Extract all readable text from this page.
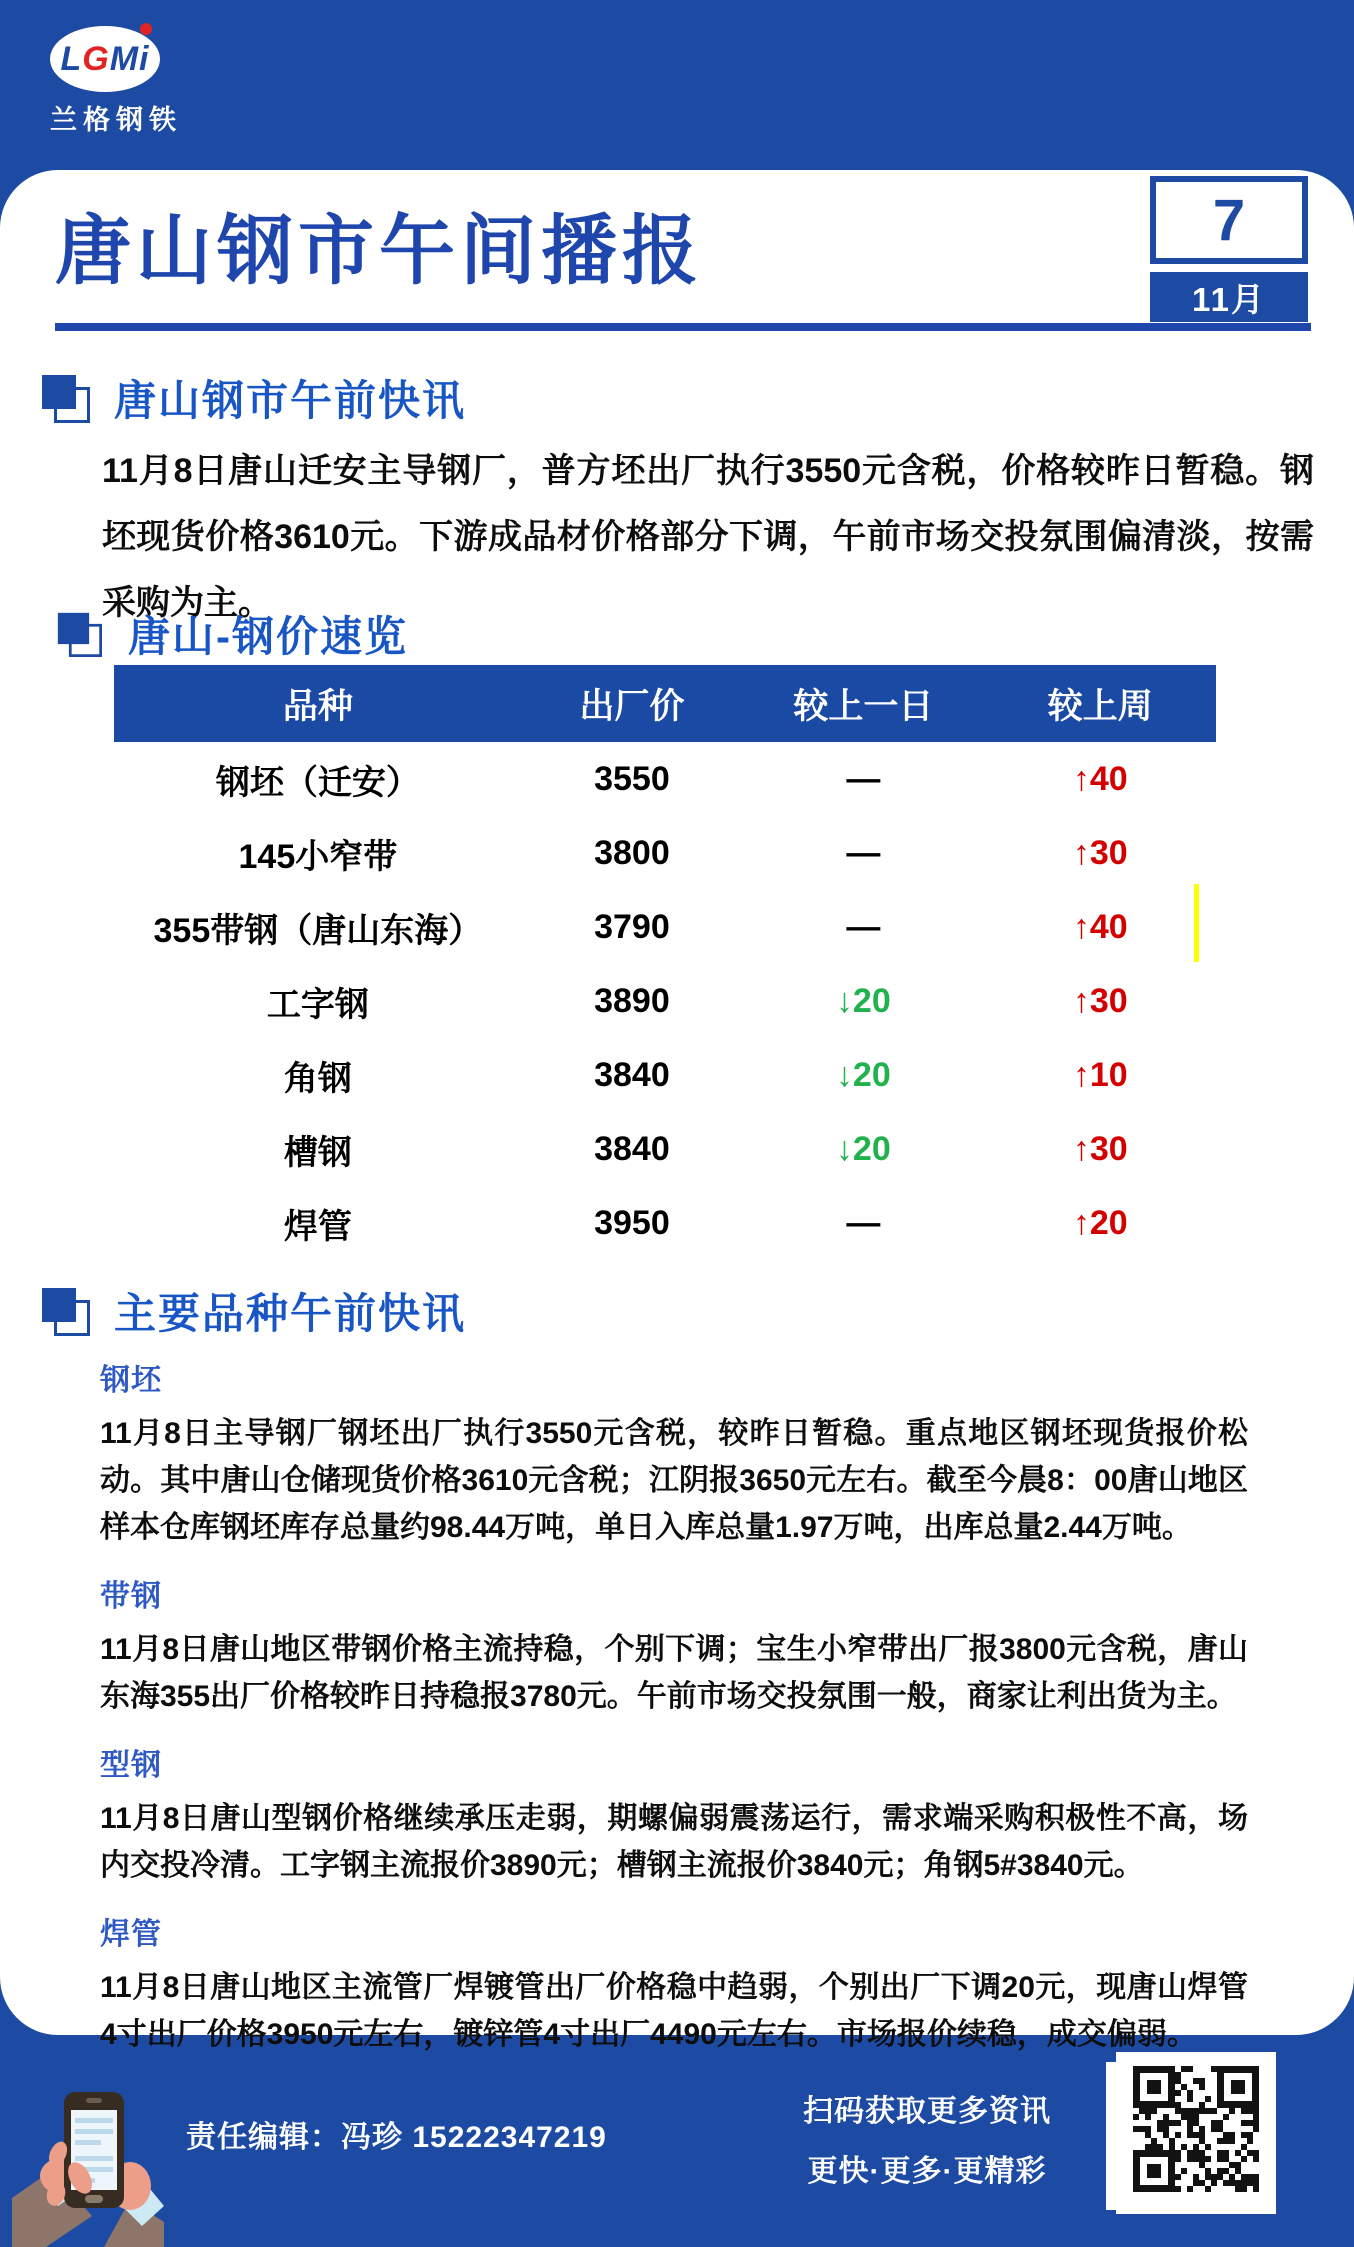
L G Mi
兰格钢铁
唐山钢市午间播报	7
11月
唐山钢市午前快讯
11月8日唐山迁安主导钢厂，普方坯出厂执行3550元含税，价格较昨日暂稳。钢坯现货价格3610元。下游成品材价格部分下调，午前市场交投氛围偏清淡，按需采购为主。
唐山-钢价速览
品种	出厂价	较上一日	较上周
钢坯（迁安）	3550	—	↑40
145小窄带	3800	—	↑30
355带钢（唐山东海）	3790	—	↑40
工字钢	3890	↓20	↑30
角钢	3840	↓20	↑10
槽钢	3840	↓20	↑30
焊管	3950	—	↑20
主要品种午前快讯
钢坯

11月8日主导钢厂钢坯出厂执行3550元含税，较昨日暂稳。重点地区钢坯现货报价松动。其中唐山仓储现货价格3610元含税；江阴报3650元左右。截至今晨8：00唐山地区样本仓库钢坯库存总量约98.44万吨，单日入库总量1.97万吨，出库总量2.44万吨。

带钢

11月8日唐山地区带钢价格主流持稳，个别下调；宝生小窄带出厂报3800元含税，唐山东海355出厂价格较昨日持稳报3780元。午前市场交投氛围一般，商家让利出货为主。

型钢

11月8日唐山型钢价格继续承压走弱，期螺偏弱震荡运行，需求端采购积极性不高，场内交投冷清。工字钢主流报价3890元；槽钢主流报价3840元；角钢5#3840元。

焊管

11月8日唐山地区主流管厂焊镀管出厂价格稳中趋弱，个别出厂下调20元，现唐山焊管4寸出厂价格3950元左右，镀锌管4寸出厂4490元左右。市场报价续稳，成交偏弱。

责任编辑：冯珍 15222347219
扫码获取更多资讯
更快·更多·更精彩
